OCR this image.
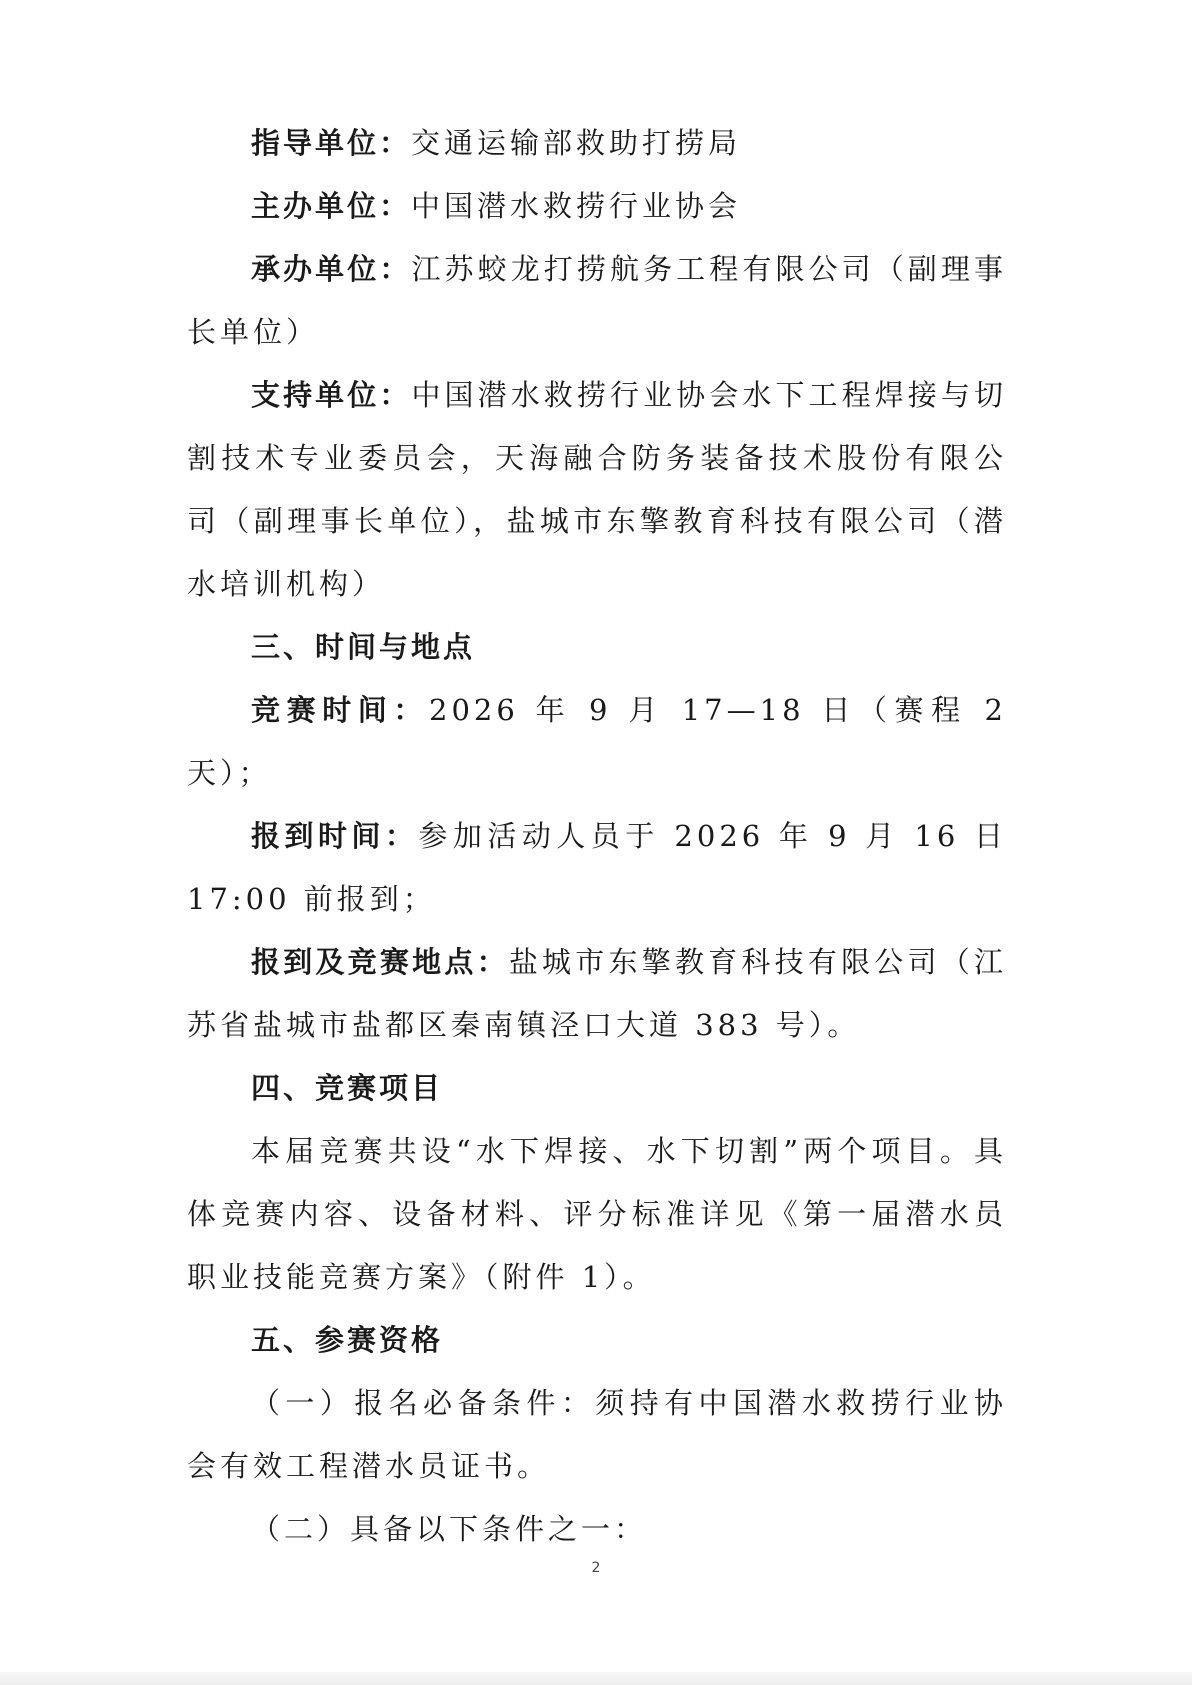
指导单位：交通运输部救助打捞局

主办单位：中国潜水救捞行业协会

承办单位：江苏蛟龙打捞航务工程有限公司（副理事长单位）

支持单位：中国潜水救捞行业协会水下工程焊接与切割技术专业委员会，天海融合防务装备技术股份有限公司（副理事长单位），盐城市东擎教育科技有限公司（潜水培训机构）

三、时间与地点

竞赛时间：2026 年 9 月 17—18 日（赛程 2 天）；

报到时间：参加活动人员于 2026 年 9 月 16 日 17:00 前报到；

报到及竞赛地点：盐城市东擎教育科技有限公司（江苏省盐城市盐都区秦南镇泾口大道 383 号）。

四、竞赛项目

本届竞赛共设“水下焊接、水下切割”两个项目。具体竞赛内容、设备材料、评分标准详见《第一届潜水员职业技能竞赛方案》（附件 1）。

五、参赛资格

（一）报名必备条件：须持有中国潜水救捞行业协会有效工程潜水员证书。

（二）具备以下条件之一：

2
